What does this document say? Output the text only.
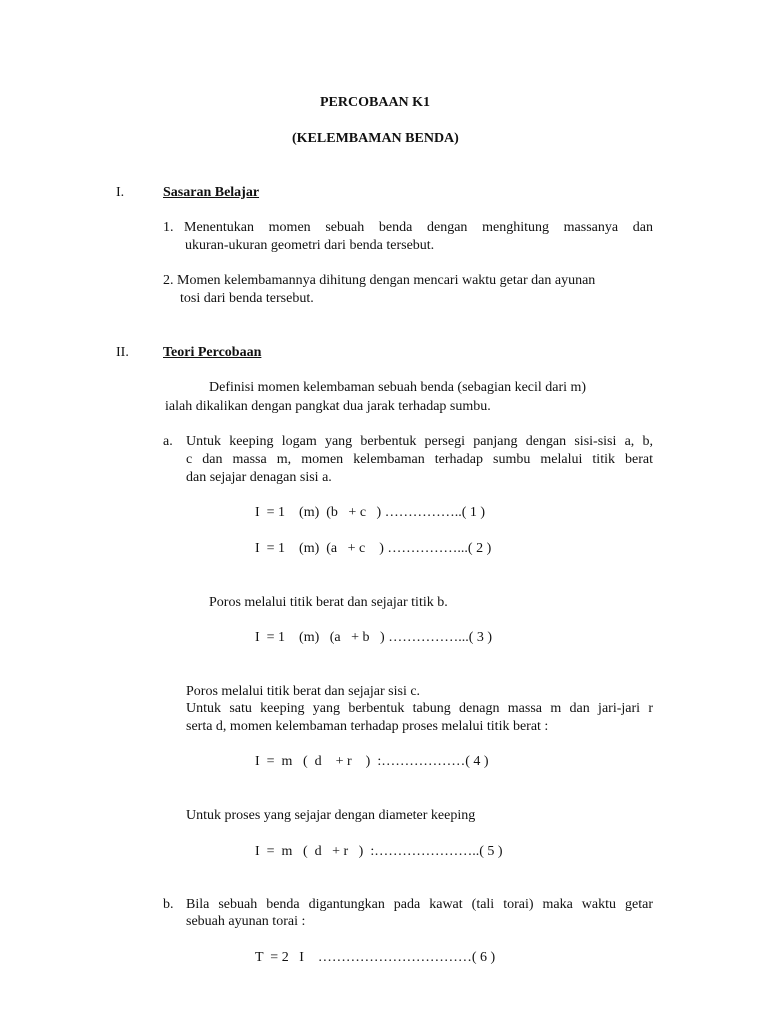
PERCOBAAN K1
(KELEMBAMAN BENDA)
I.	Sasaran Belajar
1. Menentukan momen sebuah benda dengan menghitung massanya dan
ukuran-ukuran geometri dari benda tersebut.
2. Momen kelembamannya dihitung dengan mencari waktu getar dan ayunan
tosi dari benda tersebut.
II. Teori Percobaan
Definisi momen kelembaman sebuah benda (sebagian kecil dari m)
ialah dikalikan dengan pangkat dua jarak terhadap sumbu.
a. Untuk keeping logam yang berbentuk persegi panjang dengan sisi-sisi a, b,
c dan massa m, momen kelembaman terhadap sumbu melalui titik berat
dan sejajar denagan sisi a.
I  = 1    (m)  (b   + c   ) ……………..( 1 )
I  = 1    (m)  (a   + c    ) ……………...( 2 )
Poros melalui titik berat dan sejajar titik b.
I  = 1    (m)   (a   + b   ) ……………...( 3 )
Poros melalui titik berat dan sejajar sisi c.
Untuk satu keeping yang berbentuk tabung denagn massa m dan jari-jari r
serta d, momen kelembaman terhadap proses melalui titik berat :
I  =  m   (  d    + r    )  :………………( 4 )
Untuk proses yang sejajar dengan diameter keeping
I  =  m   (  d   + r   )  :…………………..( 5 )
b. Bila sebuah benda digantungkan pada kawat (tali torai) maka waktu getar
sebuah ayunan torai :
T  = 2   I    ……………………………( 6 )
